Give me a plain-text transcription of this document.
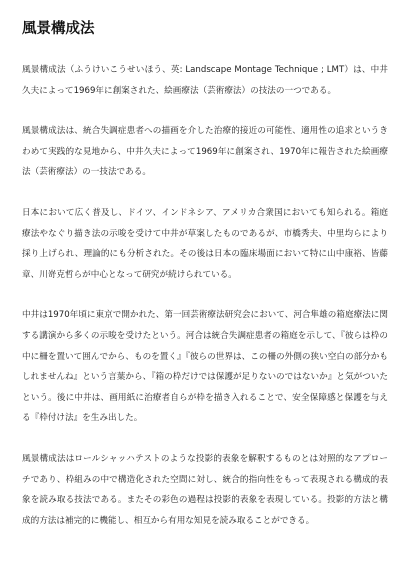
風景構成法

風景構成法（ふうけいこうせいほう、英: Landscape Montage Technique ; LMT）は、中井久夫によって1969年に創案された、絵画療法（芸術療法）の技法の一つである。

風景構成法は、統合失調症患者への描画を介した治療的接近の可能性、適用性の追求というきわめて実践的な見地から、中井久夫によって1969年に創案され、1970年に報告された絵画療法（芸術療法）の一技法である。

日本において広く普及し、ドイツ、インドネシア、アメリカ合衆国においても知られる。箱庭療法やなぐり描き法の示唆を受けて中井が草案したものであるが、市橋秀夫、中里均らにより採り上げられ、理論的にも分析された。その後は日本の臨床場面において特に山中康裕、皆藤章、川嵜克哲らが中心となって研究が続けられている。

中井は1970年頃に東京で開かれた、第一回芸術療法研究会において、河合隼雄の箱庭療法に関する講演から多くの示唆を受けたという。河合は統合失調症患者の箱庭を示して、『彼らは枠の中に柵を置いて囲んでから、ものを置く』『彼らの世界は、この柵の外側の狭い空白の部分かもしれませんね』という言葉から、『箱の枠だけでは保護が足りないのではないか』と気がついたという。後に中井は、画用紙に治療者自らが枠を描き入れることで、安全保障感と保護を与える『枠付け法』を生み出した。

風景構成法はロールシャッハテストのような投影的表象を解釈するものとは対照的なアプローチであり、枠組みの中で構造化された空間に対し、統合的指向性をもって表現される構成的表象を読み取る技法である。またその彩色の過程は投影的表象を表現している。投影的方法と構成的方法は補完的に機能し、相互から有用な知見を読み取ることができる。
